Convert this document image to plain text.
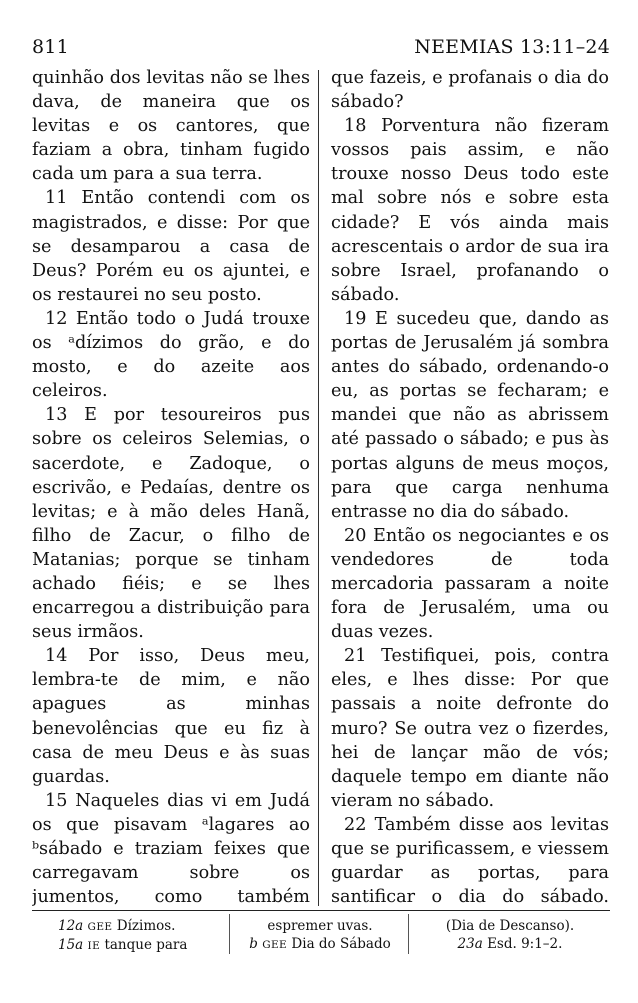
811	NEEMIAS 13:11–24

quinhão dos levitas não se lhes dava, de maneira que os levitas e os cantores, que faziam a obra, tinham fugido cada um para a sua terra.

11 Então contendi com os magistrados, e disse: Por que se desamparou a casa de Deus? Porém eu os ajuntei, e os restaurei no seu posto.

12 Então todo o Judá trouxe os ᵃdízimos do grão, e do mosto, e do azeite aos celeiros.

13 E por tesoureiros pus sobre os celeiros Selemias, o sacerdote, e Zadoque, o escrivão, e Pedaías, dentre os levitas; e à mão deles Hanã, filho de Zacur, o filho de Matanias; porque se tinham achado fiéis; e se lhes encarregou a distribuição para seus irmãos.

14 Por isso, Deus meu, lembra-te de mim, e não apagues as minhas benevolências que eu fiz à casa de meu Deus e às suas guardas.

15 Naqueles dias vi em Judá os que pisavam ᵃlagares ao ᵇsábado e traziam feixes que carregavam sobre os jumentos, como também

que fazeis, e profanais o dia do sábado?

18 Porventura não fizeram vossos pais assim, e não trouxe nosso Deus todo este mal sobre nós e sobre esta cidade? E vós ainda mais acrescentais o ardor de sua ira sobre Israel, profanando o sábado.

19 E sucedeu que, dando as portas de Jerusalém já sombra antes do sábado, ordenando-o eu, as portas se fecharam; e mandei que não as abrissem até passado o sábado; e pus às portas alguns de meus moços, para que carga nenhuma entrasse no dia do sábado.

20 Então os negociantes e os vendedores de toda mercadoria passaram a noite fora de Jerusalém, uma ou duas vezes.

21 Testifiquei, pois, contra eles, e lhes disse: Por que passais a noite defronte do muro? Se outra vez o fizerdes, hei de lançar mão de vós; daquele tempo em diante não vieram no sábado.

22 Também disse aos levitas que se purificassem, e viessem guardar as portas, para santificar o dia do sábado.

12a GEE Dízimos.
15a IE tanque para
espremer uvas.
b GEE Dia do Sábado
(Dia de Descanso).
23a Esd. 9:1–2.
